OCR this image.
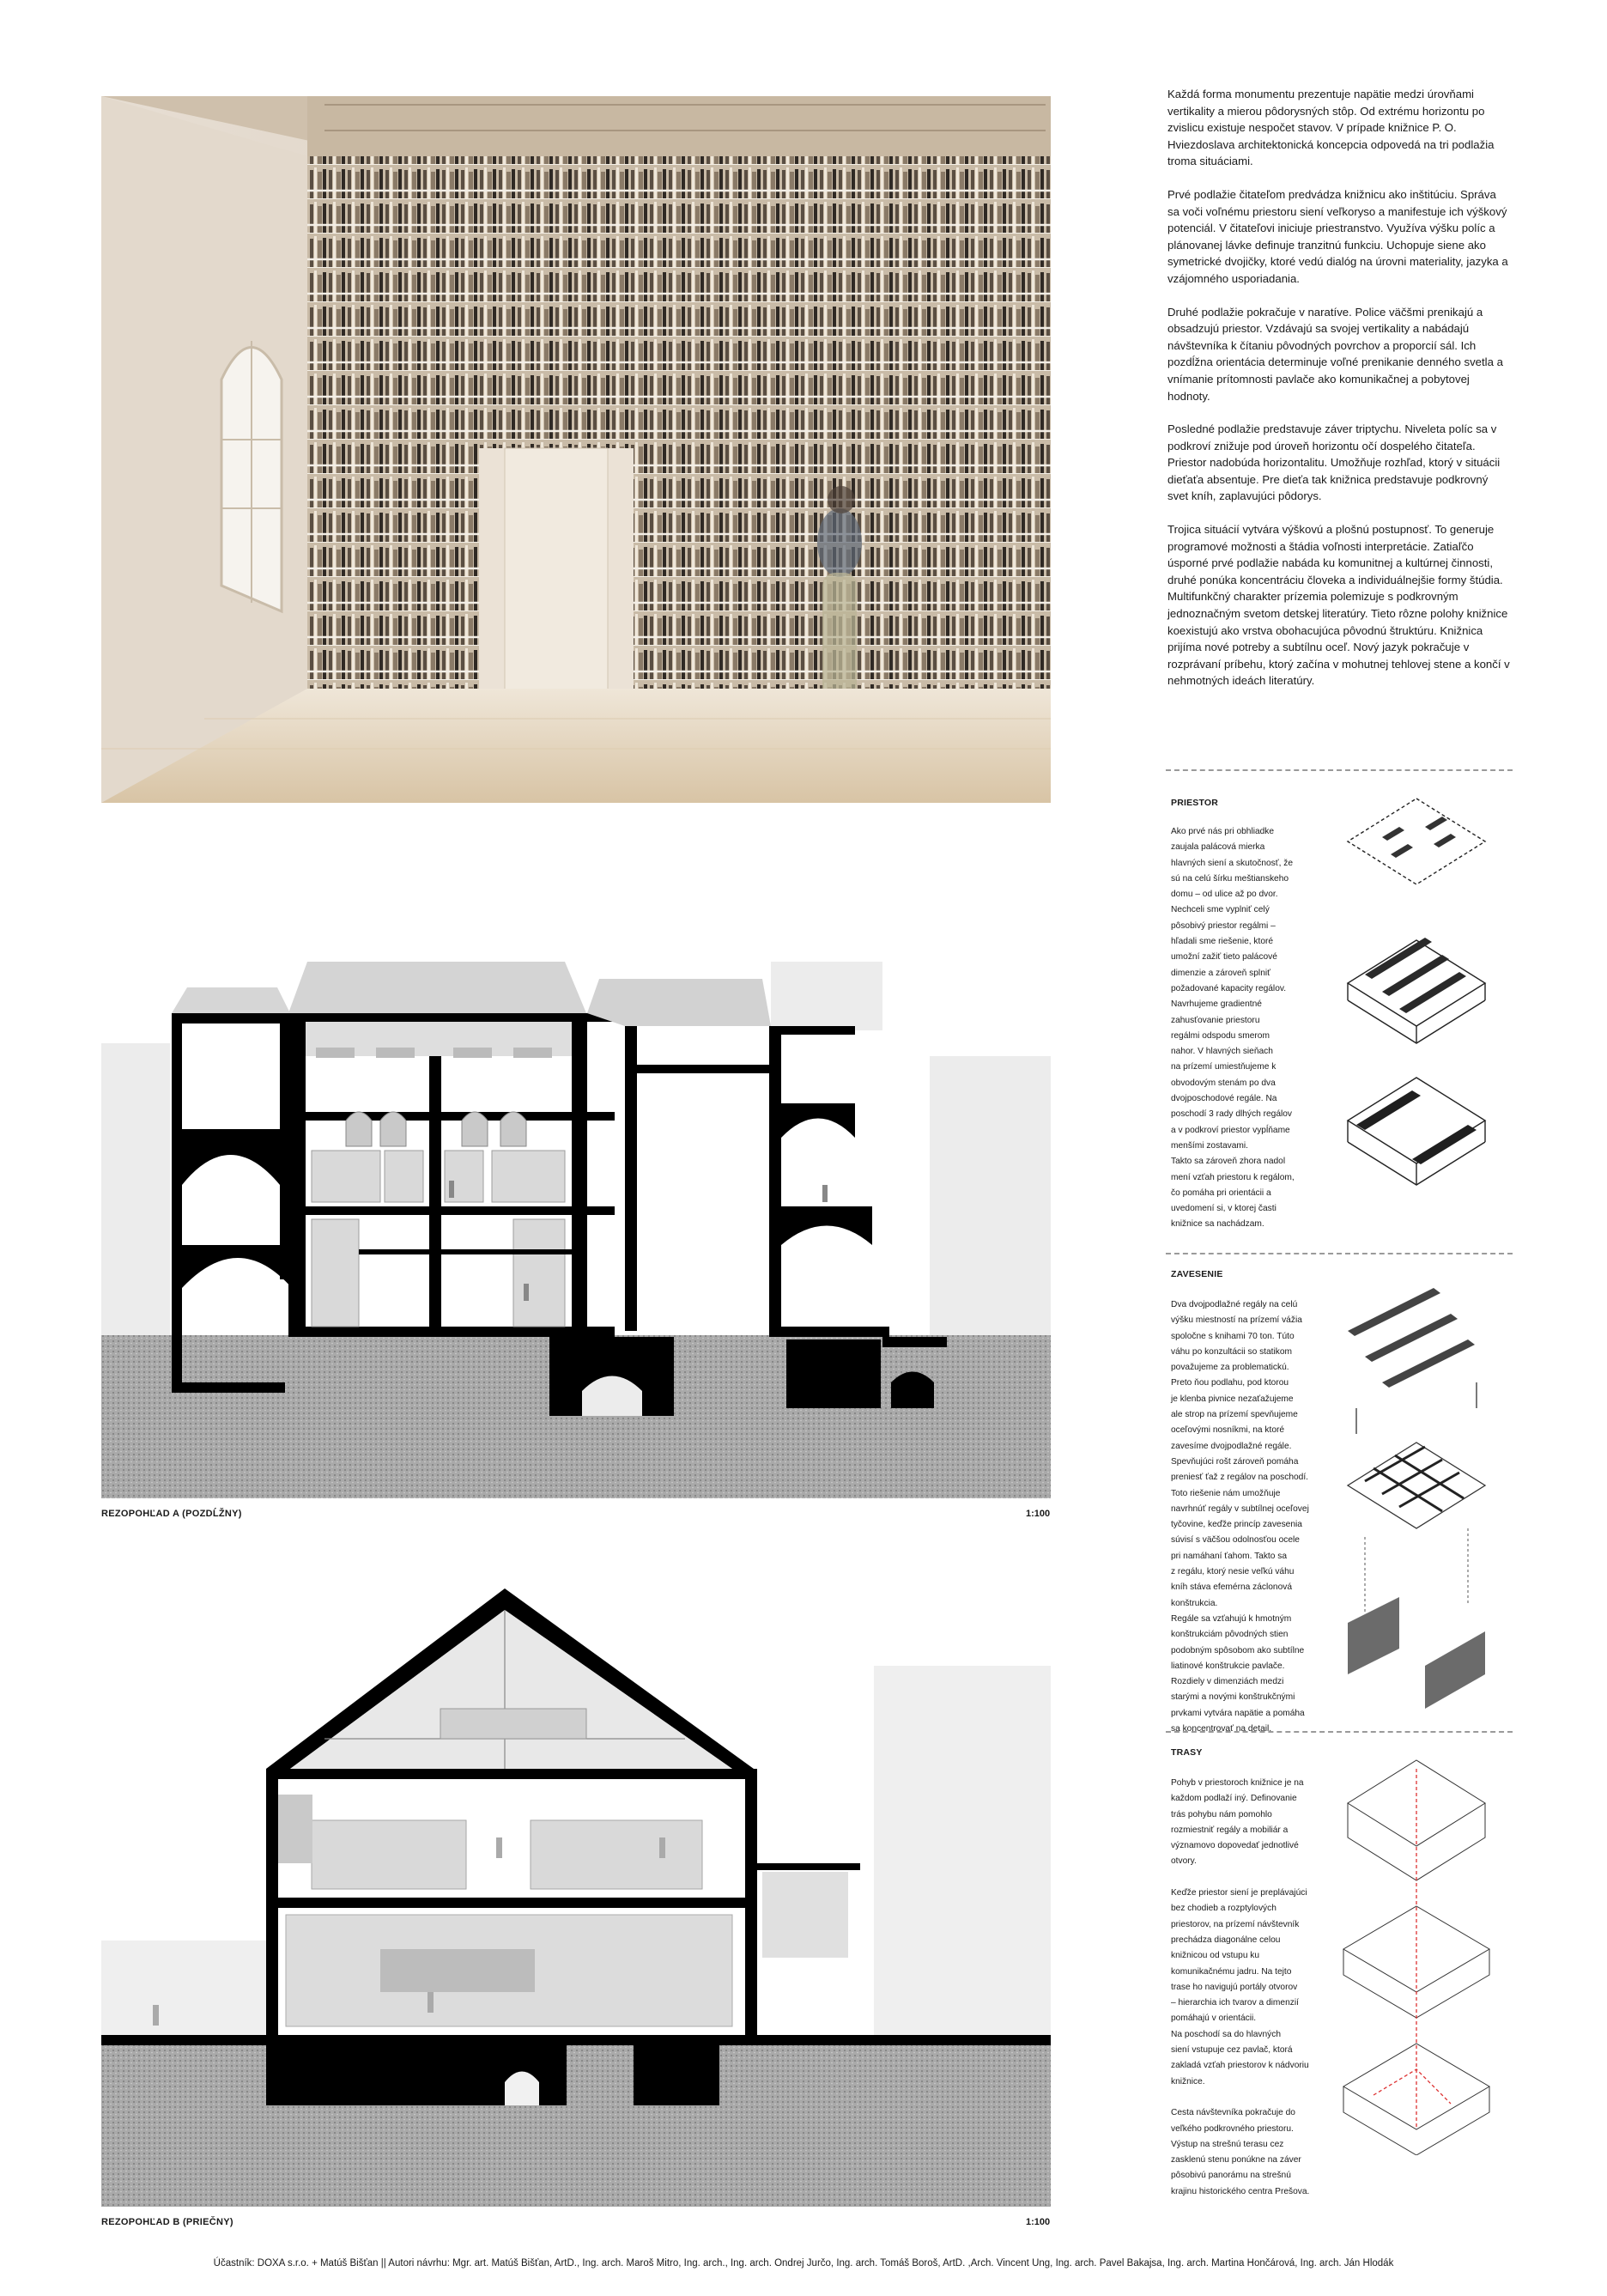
Každá forma monumentu prezentuje napätie medzi úrovňami vertikality a mierou pôdorysných stôp. Od extrému horizontu po zvislicu existuje nespočet stavov. V prípade knižnice P. O. Hviezdoslava architektonická koncepcia odpovedá na tri podlažia troma situáciami.

Prvé podlažie čitateľom predvádza knižnicu ako inštitúciu. Správa sa voči voľnému priestoru siení veľkoryso a manifestuje ich výškový potenciál. V čitateľovi iniciuje priestranstvo. Využíva výšku políc a plánovanej lávke definuje tranzitnú funkciu. Uchopuje siene ako symetrické dvojičky, ktoré vedú dialóg na úrovni materiality, jazyka a vzájomného usporiadania.

Druhé podlažie pokračuje v naratíve. Police väčšmi prenikajú a obsadzujú priestor. Vzdávajú sa svojej vertikality a nabádajú návštevníka k čítaniu pôvodných povrchov a proporcií sál. Ich pozdĺžna orientácia determinuje voľné prenikanie denného svetla a vnímanie prítomnosti pavlače ako komunikačnej a pobytovej hodnoty.

Posledné podlažie predstavuje záver triptychu. Niveleta políc sa v podkroví znižuje pod úroveň horizontu očí dospelého čitateľa. Priestor nadobúda horizontalitu. Umožňuje rozhľad, ktorý v situácii dieťaťa absentuje. Pre dieťa tak knižnica predstavuje podkrovný svet kníh, zaplavujúci pôdorys.

Trojica situácií vytvára výškovú a plošnú postupnosť. To generuje programové možnosti a štádia voľnosti interpretácie. Zatiaľčo úsporné prvé podlažie nabáda ku komunitnej a kultúrnej činnosti, druhé ponúka koncentráciu človeka a individuálnejšie formy štúdia. Multifunkčný charakter prízemia polemizuje s podkrovným jednoznačným svetom detskej literatúry. Tieto rôzne polohy knižnice koexistujú ako vrstva obohacujúca pôvodnú štruktúru. Knižnica prijíma nové potreby a subtílnu oceľ. Nový jazyk pokračuje v rozprávaní príbehu, ktorý začína v mohutnej tehlovej stene a končí v nehmotných ideách literatúry.

PRIESTOR
Ako prvé nás pri obhliadke
zaujala palácová mierka
hlavných siení a skutočnosť, že
sú na celú šírku meštianskeho
domu – od ulice až po dvor.
Nechceli sme vyplniť celý
pôsobivý priestor regálmi –
hľadali sme riešenie, ktoré
umožní zažiť tieto palácové
dimenzie a zároveň splniť
požadované kapacity regálov.
Navrhujeme gradientné
zahusťovanie priestoru
regálmi odspodu smerom
nahor. V hlavných sieňach
na prízemí umiestňujeme k
obvodovým stenám po dva
dvojposchodové regále. Na
poschodí 3 rady dlhých regálov
a v podkroví priestor vypĺňame
menšími zostavami.
Takto sa zároveň zhora nadol
mení vzťah priestoru k regálom,
čo pomáha pri orientácii a
uvedomení si, v ktorej časti
knižnice sa nachádzam.
ZAVESENIE
Dva dvojpodlažné regály na celú
výšku miestností na prízemí vážia
spoločne s knihami 70 ton. Túto
váhu po konzultácii so statikom
považujeme za problematickú.
Preto ňou podlahu, pod ktorou
je klenba pivnice nezaťažujeme
ale strop na prízemí spevňujeme
oceľovými nosníkmi, na ktoré
zavesíme dvojpodlažné regále.
Spevňujúci rošt zároveň pomáha
preniesť ťaž z regálov na poschodí.
Toto riešenie nám umožňuje
navrhnúť regály v subtílnej oceľovej
tyčovine, keďže princíp zavesenia
súvisí s väčšou odolnosťou ocele
pri namáhaní ťahom. Takto sa
z regálu, ktorý nesie veľkú váhu
kníh stáva efemérna záclonová
konštrukcia.
Regále sa vzťahujú k hmotným
konštrukciám pôvodných stien
podobným spôsobom ako subtílne
liatinové konštrukcie pavlače.
Rozdiely v dimenziách medzi
starými a novými konštrukčnými
prvkami vytvára napätie a pomáha
sa koncentrovať na detail.
TRASY
Pohyb v priestoroch knižnice je na
každom podlaží iný. Definovanie
trás pohybu nám pomohlo
rozmiestniť regály a mobiliár a
významovo dopovedať jednotlivé
otvory.

Keďže priestor siení je preplávajúci
bez chodieb a rozptylových
priestorov, na prízemí návštevník
prechádza diagonálne celou
knižnicou od vstupu ku
komunikačnému jadru. Na tejto
trase ho navigujú portály otvorov
– hierarchia ich tvarov a dimenzií
pomáhajú v orientácii.
Na poschodí sa do hlavných
siení vstupuje cez pavlač, ktorá
zakladá vzťah priestorov k nádvoriu
knižnice.

Cesta návštevníka pokračuje do
veľkého podkrovného priestoru.
Výstup na strešnú terasu cez
zasklenú stenu ponúkne na záver
pôsobivú panorámu na strešnú
krajinu historického centra Prešova.
REZOPOHĽAD A (POZDĹŽNY)	1:100
REZOPOHĽAD B (PRIEČNY)	1:100
Účastník: DOXA s.r.o. + Matúš Bišťan || Autori návrhu: Mgr. art. Matúš Bišťan, ArtD., Ing. arch. Maroš Mitro, Ing. arch., Ing. arch. Ondrej Jurčo, Ing. arch. Tomáš Boroš, ArtD. ,Arch. Vincent Ung, Ing. arch. Pavel Bakajsa, Ing. arch. Martina Hončárová, Ing. arch. Ján Hlodák
